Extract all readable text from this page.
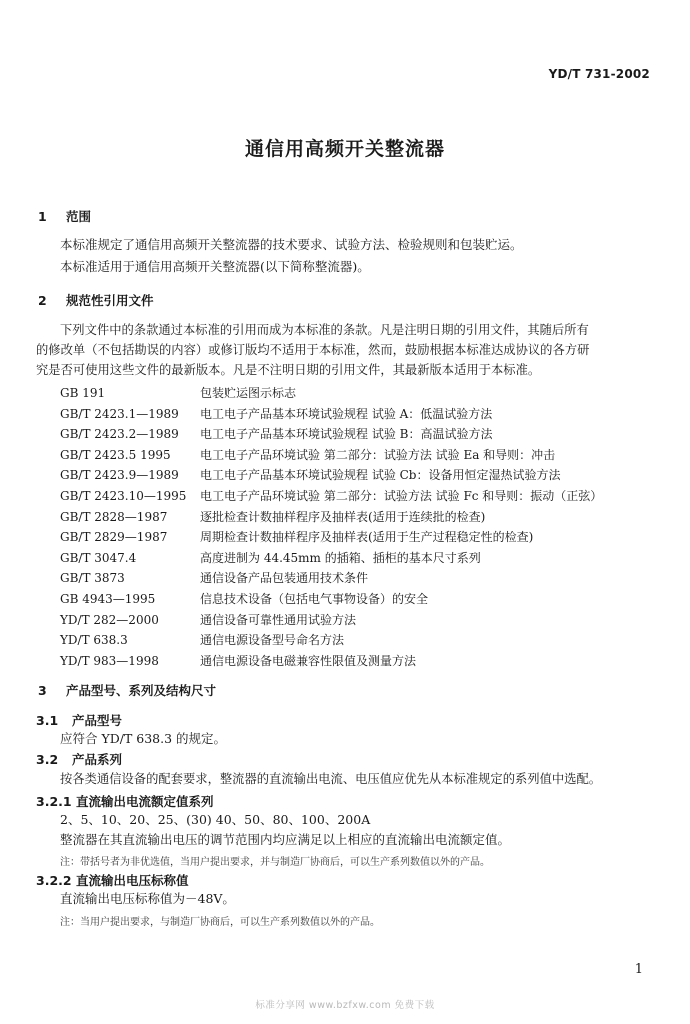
YD/T 731-2002
通信用高频开关整流器
1 范围
本标准规定了通信用高频开关整流器的技术要求、试验方法、检验规则和包装贮运。
本标准适用于通信用高频开关整流器(以下简称整流器)。
2 规范性引用文件
下列文件中的条款通过本标准的引用而成为本标准的条款。凡是注明日期的引用文件，其随后所有
的修改单（不包括勘误的内容）或修订版均不适用于本标准，然而，鼓励根据本标准达成协议的各方研
究是否可使用这些文件的最新版本。凡是不注明日期的引用文件，其最新版本适用于本标准。
GB 191	包装贮运图示标志
GB/T 2423.1—1989 电工电子产品基本环境试验规程 试验 A：低温试验方法
GB/T 2423.2—1989 电工电子产品基本环境试验规程 试验 B：高温试验方法
GB/T 2423.5 1995 电工电子产品环境试验 第二部分：试验方法 试验 Ea 和导则：冲击
GB/T 2423.9—1989 电工电子产品基本环境试验规程 试验 Cb：设备用恒定湿热试验方法
GB/T 2423.10—1995 电工电子产品环境试验 第二部分：试验方法 试验 Fc 和导则：振动（正弦）
GB/T 2828—1987	逐批检查计数抽样程序及抽样表(适用于连续批的检查)
GB/T 2829—1987	周期检查计数抽样程序及抽样表(适用于生产过程稳定性的检查)
GB/T 3047.4	高度进制为 44.45mm 的插箱、插柜的基本尺寸系列
GB/T 3873	通信设备产品包装通用技术条件
GB 4943—1995	信息技术设备（包括电气事物设备）的安全
YD/T 282—2000	通信设备可靠性通用试验方法
YD/T 638.3	通信电源设备型号命名方法
YD/T 983—1998	通信电源设备电磁兼容性限值及测量方法
3 产品型号、系列及结构尺寸
3.1 产品型号
应符合 YD/T 638.3 的规定。
3.2 产品系列
按各类通信设备的配套要求，整流器的直流输出电流、电压值应优先从本标准规定的系列值中选配。
3.2.1 直流输出电流额定值系列
2、5、10、20、25、(30) 40、50、80、100、200A
整流器在其直流输出电压的调节范围内均应满足以上相应的直流输出电流额定值。
注：带括号者为非优选值，当用户提出要求，并与制造厂协商后，可以生产系列数值以外的产品。
3.2.2 直流输出电压标称值
直流输出电压标称值为－48V。
注：当用户提出要求，与制造厂协商后，可以生产系列数值以外的产品。
1
标准分享网 www.bzfxw.com 免费下载
